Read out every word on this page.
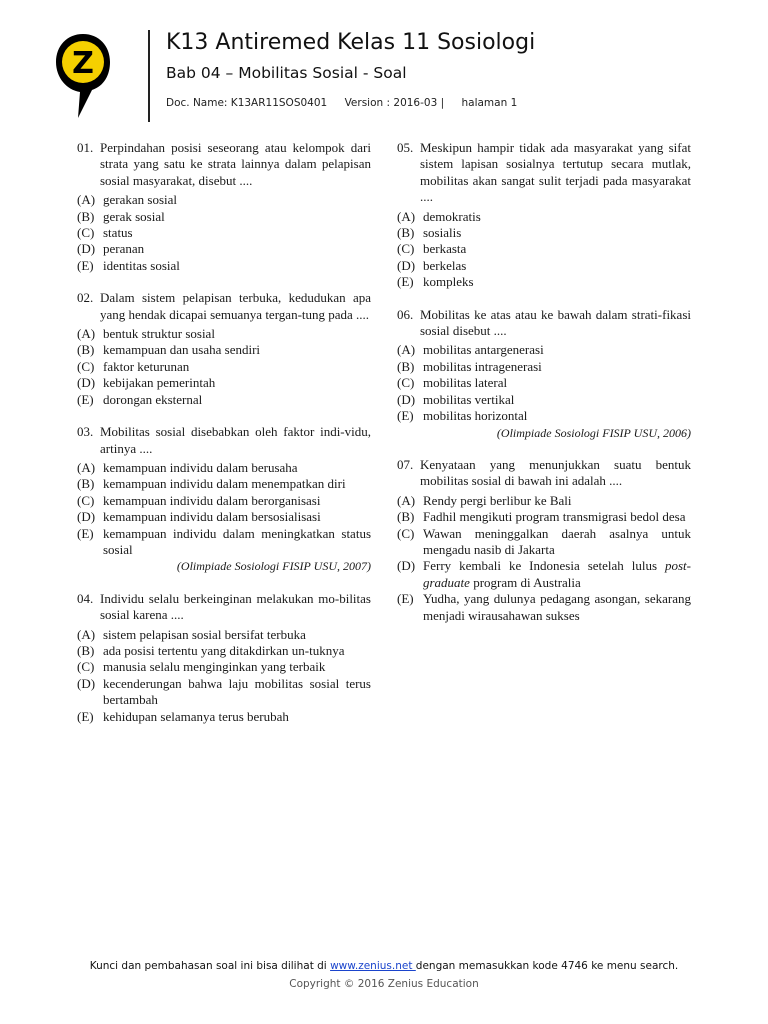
Z
K13 Antiremed Kelas 11 Sosiologi
Bab 04 – Mobilitas Sosial - Soal
Doc. Name: K13AR11SOS0401 Version : 2016-03 | halaman 1
01. Perpindahan posisi seseorang atau kelompok dari strata yang satu ke strata lainnya dalam pelapisan sosial masyarakat, disebut ....
(A) gerakan sosial
(B) gerak sosial
(C) status
(D) peranan
(E) identitas sosial
02. Dalam sistem pelapisan terbuka, kedudukan apa yang hendak dicapai semuanya tergan-tung pada ....
(A) bentuk struktur sosial
(B) kemampuan dan usaha sendiri
(C) faktor keturunan
(D) kebijakan pemerintah
(E) dorongan eksternal
03. Mobilitas sosial disebabkan oleh faktor indi-vidu, artinya ....
(A) kemampuan individu dalam berusaha
(B) kemampuan individu dalam menempatkan diri
(C) kemampuan individu dalam berorganisasi
(D) kemampuan individu dalam bersosialisasi
(E) kemampuan individu dalam meningkatkan status sosial
(Olimpiade Sosiologi FISIP USU, 2007)
04. Individu selalu berkeinginan melakukan mo-bilitas sosial karena ....
(A) sistem pelapisan sosial bersifat terbuka
(B) ada posisi tertentu yang ditakdirkan un-tuknya
(C) manusia selalu menginginkan yang terbaik
(D) kecenderungan bahwa laju mobilitas sosial terus bertambah
(E) kehidupan selamanya terus berubah
05. Meskipun hampir tidak ada masyarakat yang sifat sistem lapisan sosialnya tertutup secara mutlak, mobilitas akan sangat sulit terjadi pada masyarakat ....
(A) demokratis
(B) sosialis
(C) berkasta
(D) berkelas
(E) kompleks
06. Mobilitas ke atas atau ke bawah dalam strati-fikasi sosial disebut ....
(A) mobilitas antargenerasi
(B) mobilitas intragenerasi
(C) mobilitas lateral
(D) mobilitas vertikal
(E) mobilitas horizontal
(Olimpiade Sosiologi FISIP USU, 2006)
07. Kenyataan yang menunjukkan suatu bentuk mobilitas sosial di bawah ini adalah ....
(A) Rendy pergi berlibur ke Bali
(B) Fadhil mengikuti program transmigrasi bedol desa
(C) Wawan meninggalkan daerah asalnya untuk mengadu nasib di Jakarta
(D) Ferry kembali ke Indonesia setelah lulus post-graduate program di Australia
(E) Yudha, yang dulunya pedagang asongan, sekarang menjadi wirausahawan sukses
Kunci dan pembahasan soal ini bisa dilihat di www.zenius.net dengan memasukkan kode 4746 ke menu search.
Copyright © 2016 Zenius Education
